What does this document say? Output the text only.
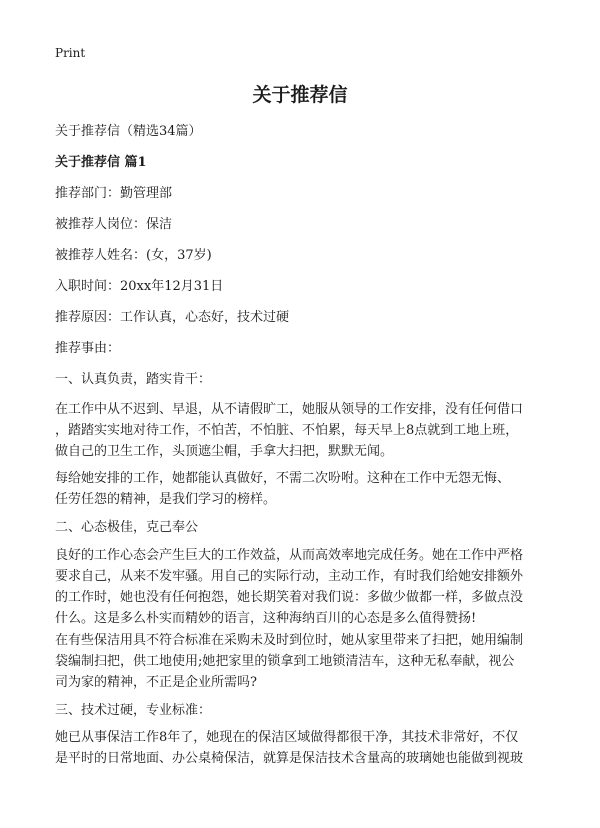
Print
关于推荐信
关于推荐信（精选34篇）
关于推荐信 篇1
推荐部门：勤管理部
被推荐人岗位：保洁
被推荐人姓名：(女，37岁)
入职时间：20xx年12月31日
推荐原因：工作认真，心态好，技术过硬
推荐事由：
一、认真负责，踏实肯干：
在工作中从不迟到、早退，从不请假旷工，她服从领导的工作安排，没有任何借口
，踏踏实实地对待工作，不怕苦，不怕脏、不怕累，每天早上8点就到工地上班，
做自己的卫生工作，头顶遮尘帽，手拿大扫把，默默无闻。
每给她安排的工作，她都能认真做好，不需二次吩咐。这种在工作中无怨无悔、
任劳任怨的精神，是我们学习的榜样。
二、心态极佳，克己奉公
良好的工作心态会产生巨大的工作效益，从而高效率地完成任务。她在工作中严格
要求自己，从来不发牢骚。用自己的实际行动，主动工作，有时我们给她安排额外
的工作时，她也没有任何抱怨，她长期笑着对我们说：多做少做都一样，多做点没
什么。这是多么朴实而精妙的语言，这种海纳百川的心态是多么值得赞扬!
在有些保洁用具不符合标准在采购未及时到位时，她从家里带来了扫把，她用编制
袋编制扫把，供工地使用;她把家里的锁拿到工地锁清洁车，这种无私奉献，视公
司为家的精神，不正是企业所需吗?
三、技术过硬，专业标准：
她已从事保洁工作8年了，她现在的保洁区域做得都很干净，其技术非常好，不仅
是平时的日常地面、办公桌椅保洁，就算是保洁技术含量高的玻璃她也能做到视玻
